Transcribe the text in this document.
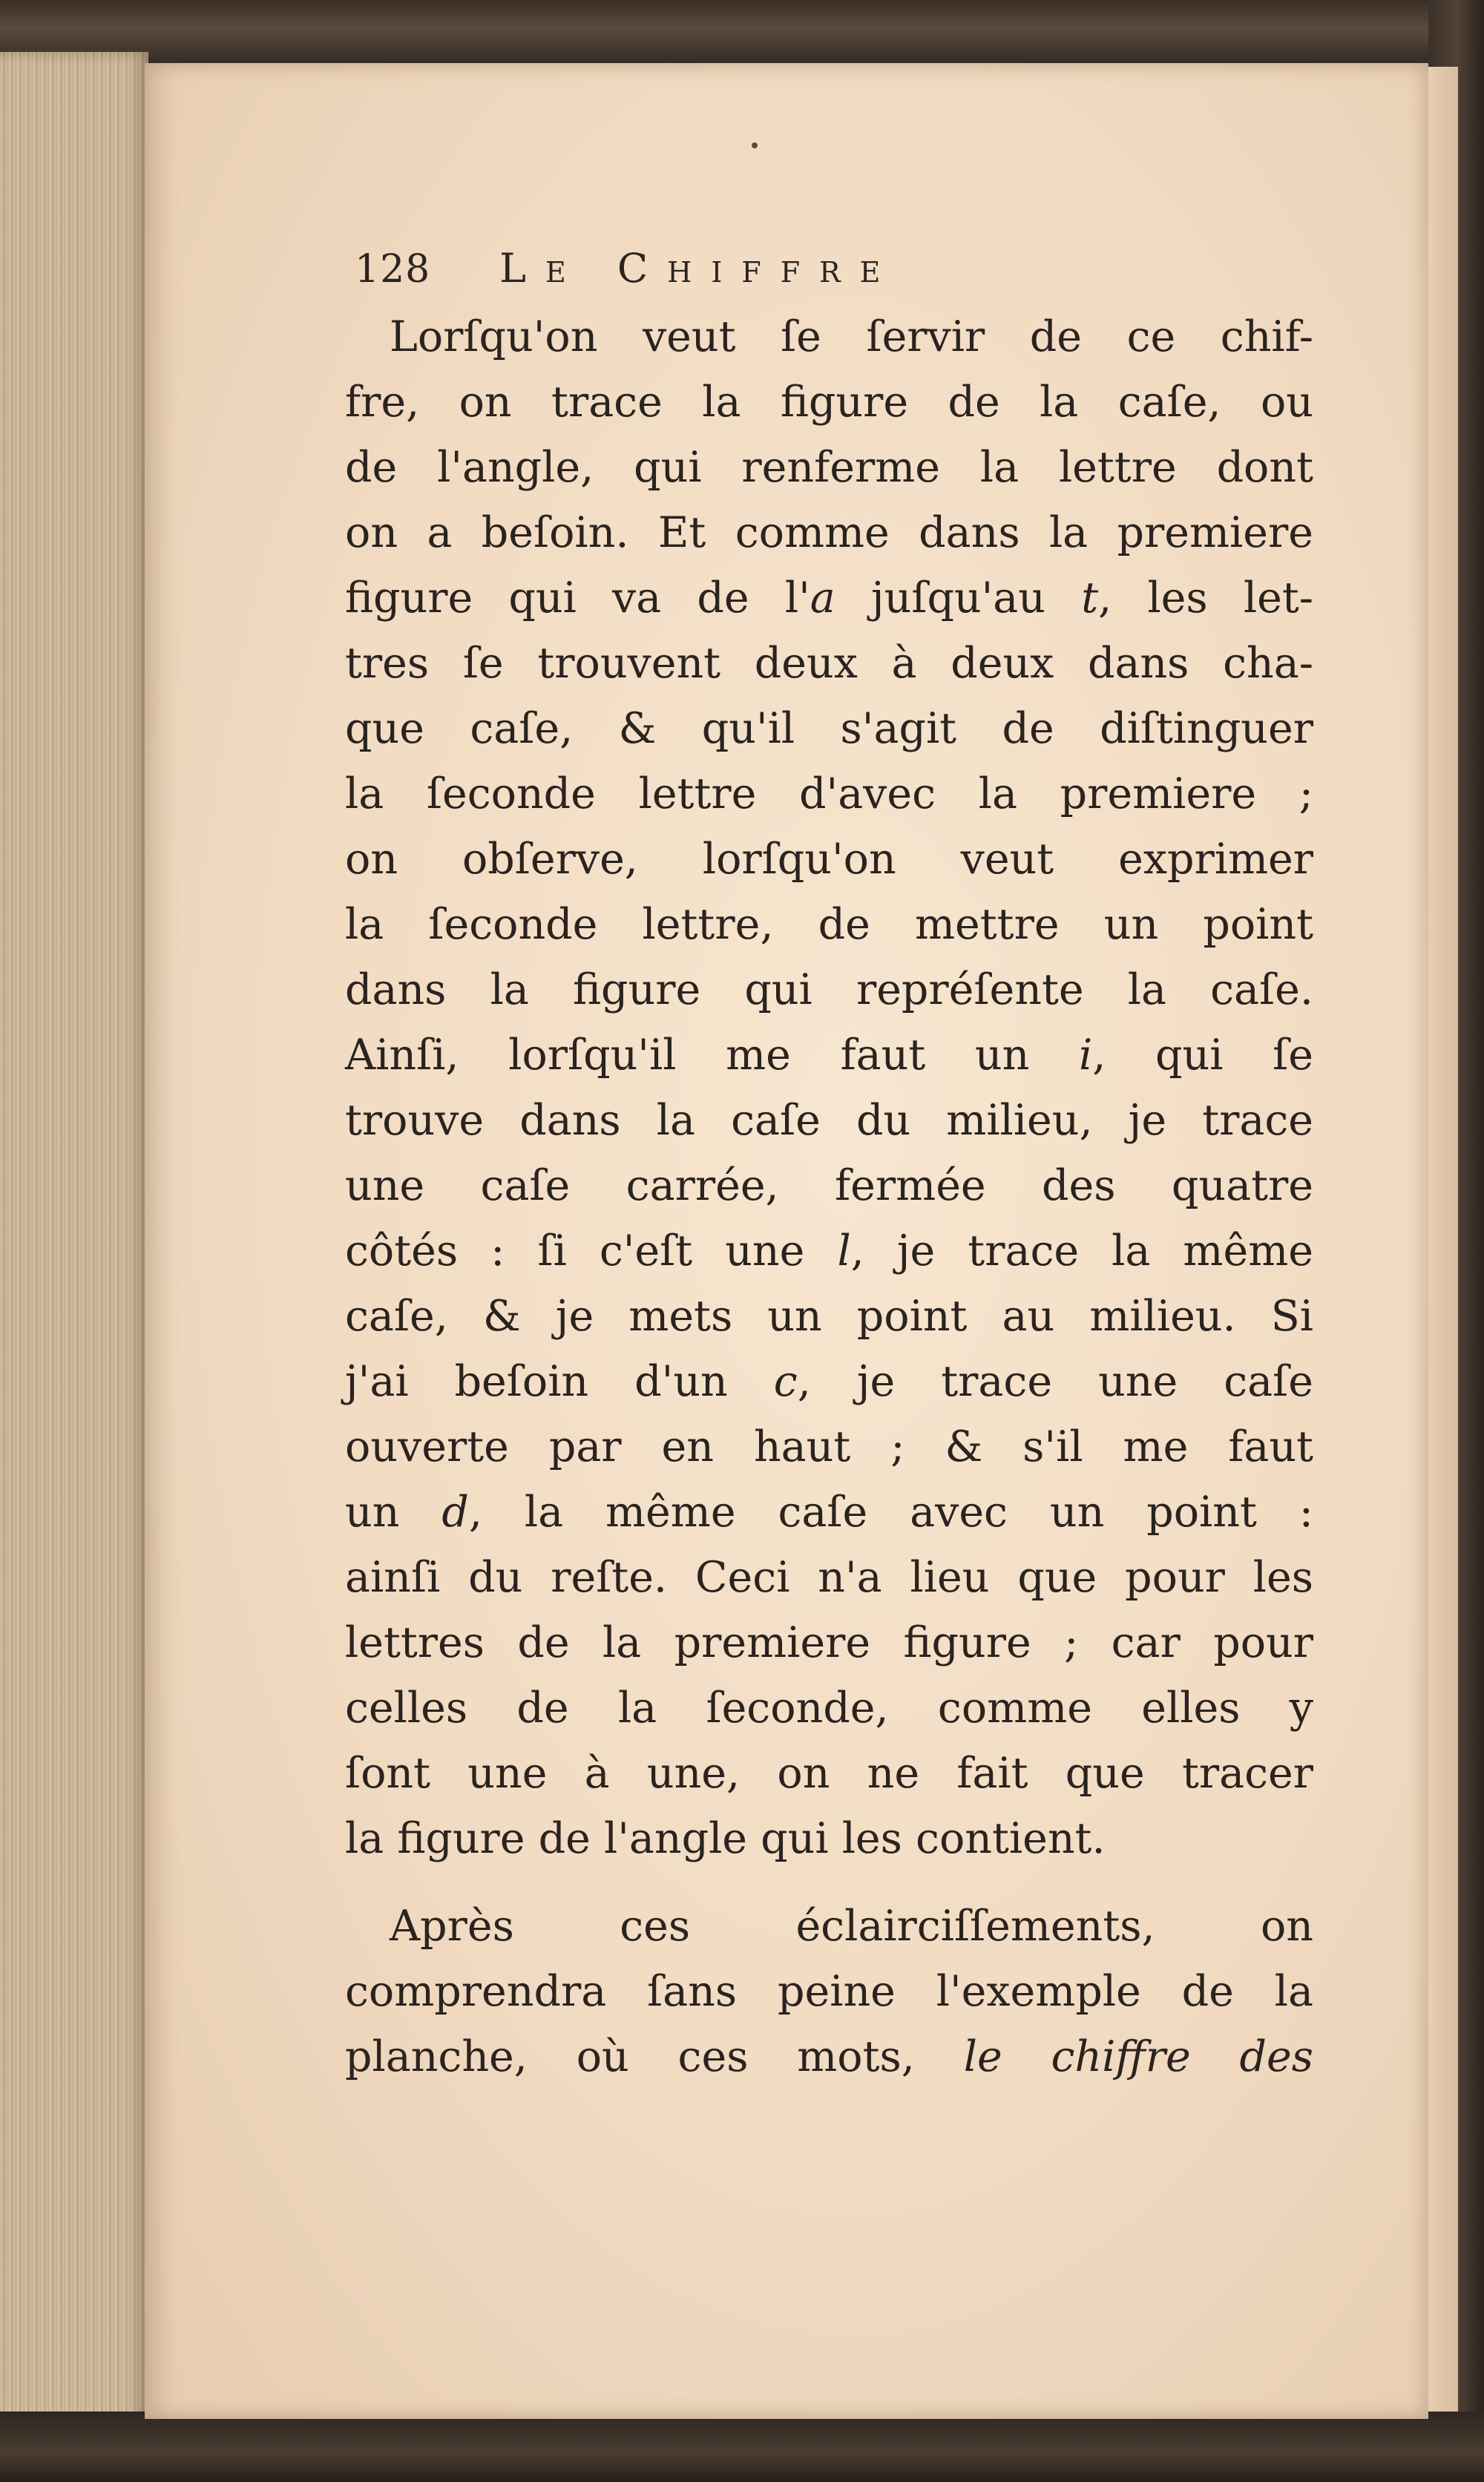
128 Le Chiffre
Lorſqu'on veut ſe ſervir de ce chif-
fre, on trace la figure de la caſe, ou
de l'angle, qui renferme la lettre dont
on a beſoin. Et comme dans la premiere
figure qui va de l'a juſqu'au t, les let-
tres ſe trouvent deux à deux dans cha-
que caſe, & qu'il s'agit de diſtinguer
la ſeconde lettre d'avec la premiere ;
on obſerve, lorſqu'on veut exprimer
la ſeconde lettre, de mettre un point
dans la figure qui repréſente la caſe.
Ainſi, lorſqu'il me faut un i, qui ſe
trouve dans la caſe du milieu, je trace
une caſe carrée, fermée des quatre
côtés : ſi c'eſt une l, je trace la même
caſe, & je mets un point au milieu. Si
j'ai beſoin d'un c, je trace une caſe
ouverte par en haut ; & s'il me faut
un d, la même caſe avec un point :
ainſi du reſte. Ceci n'a lieu que pour les
lettres de la premiere figure ; car pour
celles de la ſeconde, comme elles y
ſont une à une, on ne fait que tracer
la figure de l'angle qui les contient.
Après ces éclairciſſements, on
comprendra ſans peine l'exemple de la
planche, où ces mots, le chiffre des
